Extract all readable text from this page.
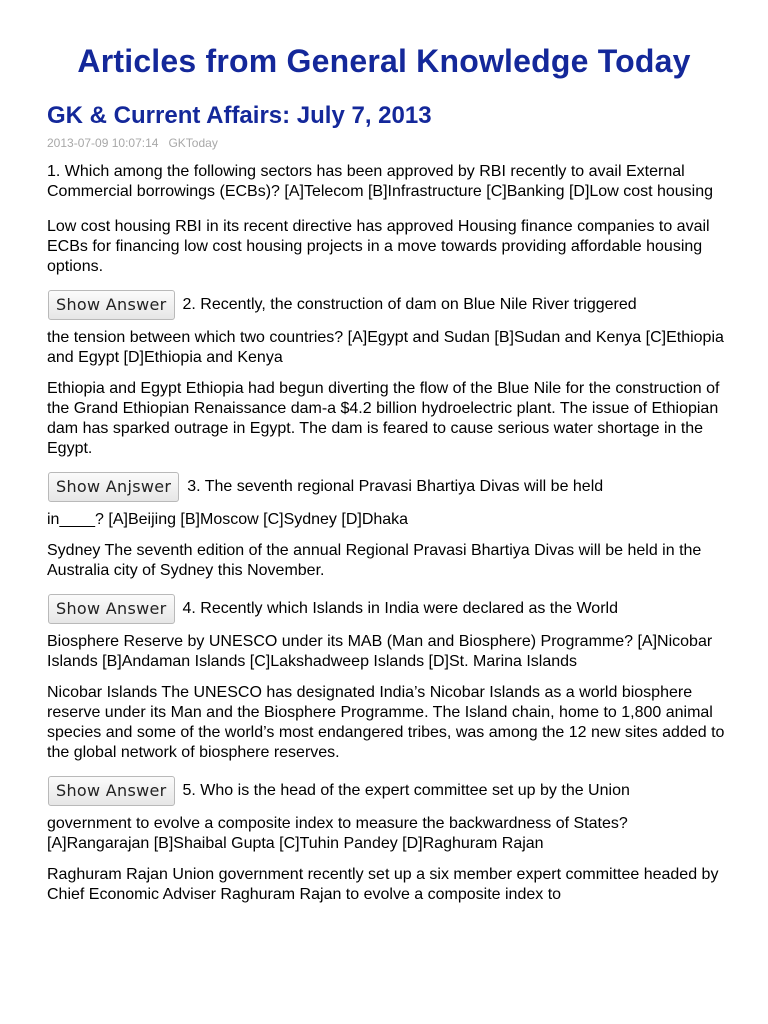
Articles from General Knowledge Today
GK & Current Affairs: July 7, 2013
2013-07-09 10:07:14 GKToday

1. Which among the following sectors has been approved by RBI recently to avail External Commercial borrowings (ECBs)? [A]Telecom [B]Infrastructure [C]Banking [D]Low cost housing

Low cost housing RBI in its recent directive has approved Housing finance companies to avail ECBs for financing low cost housing projects in a move towards providing affordable housing options.

Show Answer	2. Recently, the construction of dam on Blue Nile River triggered

the tension between which two countries? [A]Egypt and Sudan [B]Sudan and Kenya [C]Ethiopia and Egypt [D]Ethiopia and Kenya

Ethiopia and Egypt Ethiopia had begun diverting the flow of the Blue Nile for the construction of the Grand Ethiopian Renaissance dam-a $4.2 billion hydroelectric plant. The issue of Ethiopian dam has sparked outrage in Egypt. The dam is feared to cause serious water shortage in the Egypt.

Show Anjswer	3. The seventh regional Pravasi Bhartiya Divas will be held

in____? [A]Beijing [B]Moscow [C]Sydney [D]Dhaka

Sydney The seventh edition of the annual Regional Pravasi Bhartiya Divas will be held in the Australia city of Sydney this November.

Show Answer	4. Recently which Islands in India were declared as the World

Biosphere Reserve by UNESCO under its MAB (Man and Biosphere) Programme? [A]Nicobar Islands [B]Andaman Islands [C]Lakshadweep Islands [D]St. Marina Islands

Nicobar Islands The UNESCO has designated India’s Nicobar Islands as a world biosphere reserve under its Man and the Biosphere Programme. The Island chain, home to 1,800 animal species and some of the world’s most endangered tribes, was among the 12 new sites added to the global network of biosphere reserves.

Show Answer	5. Who is the head of the expert committee set up by the Union

government to evolve a composite index to measure the backwardness of States? [A]Rangarajan [B]Shaibal Gupta [C]Tuhin Pandey [D]Raghuram Rajan

Raghuram Rajan Union government recently set up a six member expert committee headed by Chief Economic Adviser Raghuram Rajan to evolve a composite index to
